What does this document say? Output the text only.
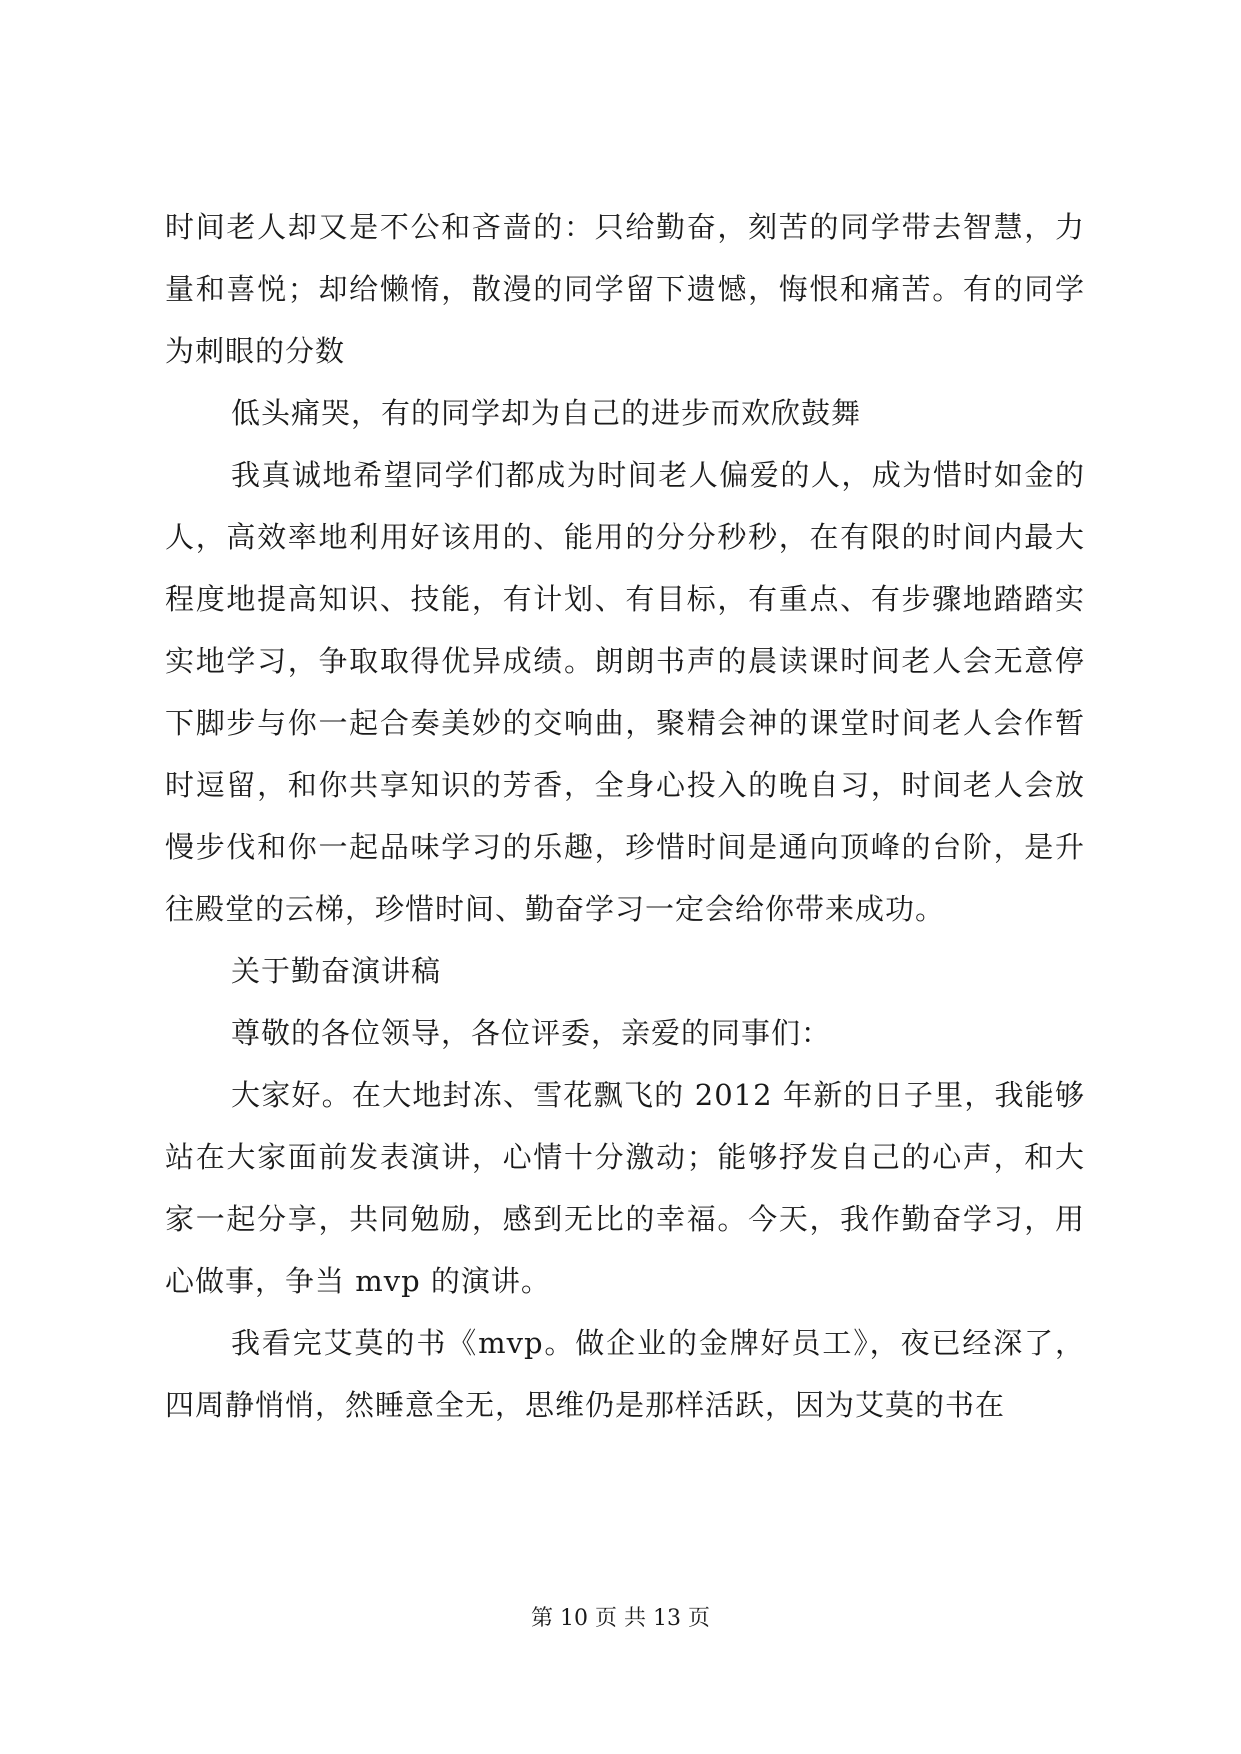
时间老人却又是不公和吝啬的：只给勤奋，刻苦的同学带去智慧，力量和喜悦；却给懒惰，散漫的同学留下遗憾，悔恨和痛苦。有的同学为刺眼的分数

低头痛哭，有的同学却为自己的进步而欢欣鼓舞

我真诚地希望同学们都成为时间老人偏爱的人，成为惜时如金的人，高效率地利用好该用的、能用的分分秒秒，在有限的时间内最大程度地提高知识、技能，有计划、有目标，有重点、有步骤地踏踏实实地学习，争取取得优异成绩。朗朗书声的晨读课时间老人会无意停下脚步与你一起合奏美妙的交响曲，聚精会神的课堂时间老人会作暂时逗留，和你共享知识的芳香，全身心投入的晚自习，时间老人会放慢步伐和你一起品味学习的乐趣，珍惜时间是通向顶峰的台阶，是升往殿堂的云梯，珍惜时间、勤奋学习一定会给你带来成功。

关于勤奋演讲稿

尊敬的各位领导，各位评委，亲爱的同事们：

大家好。在大地封冻、雪花飘飞的 2012 年新的日子里，我能够站在大家面前发表演讲，心情十分激动；能够抒发自己的心声，和大家一起分享，共同勉励，感到无比的幸福。今天，我作勤奋学习，用心做事，争当 mvp 的演讲。

我看完艾莫的书《mvp。做企业的金牌好员工》，夜已经深了，四周静悄悄，然睡意全无，思维仍是那样活跃，因为艾莫的书在

第 10 页 共 13 页
